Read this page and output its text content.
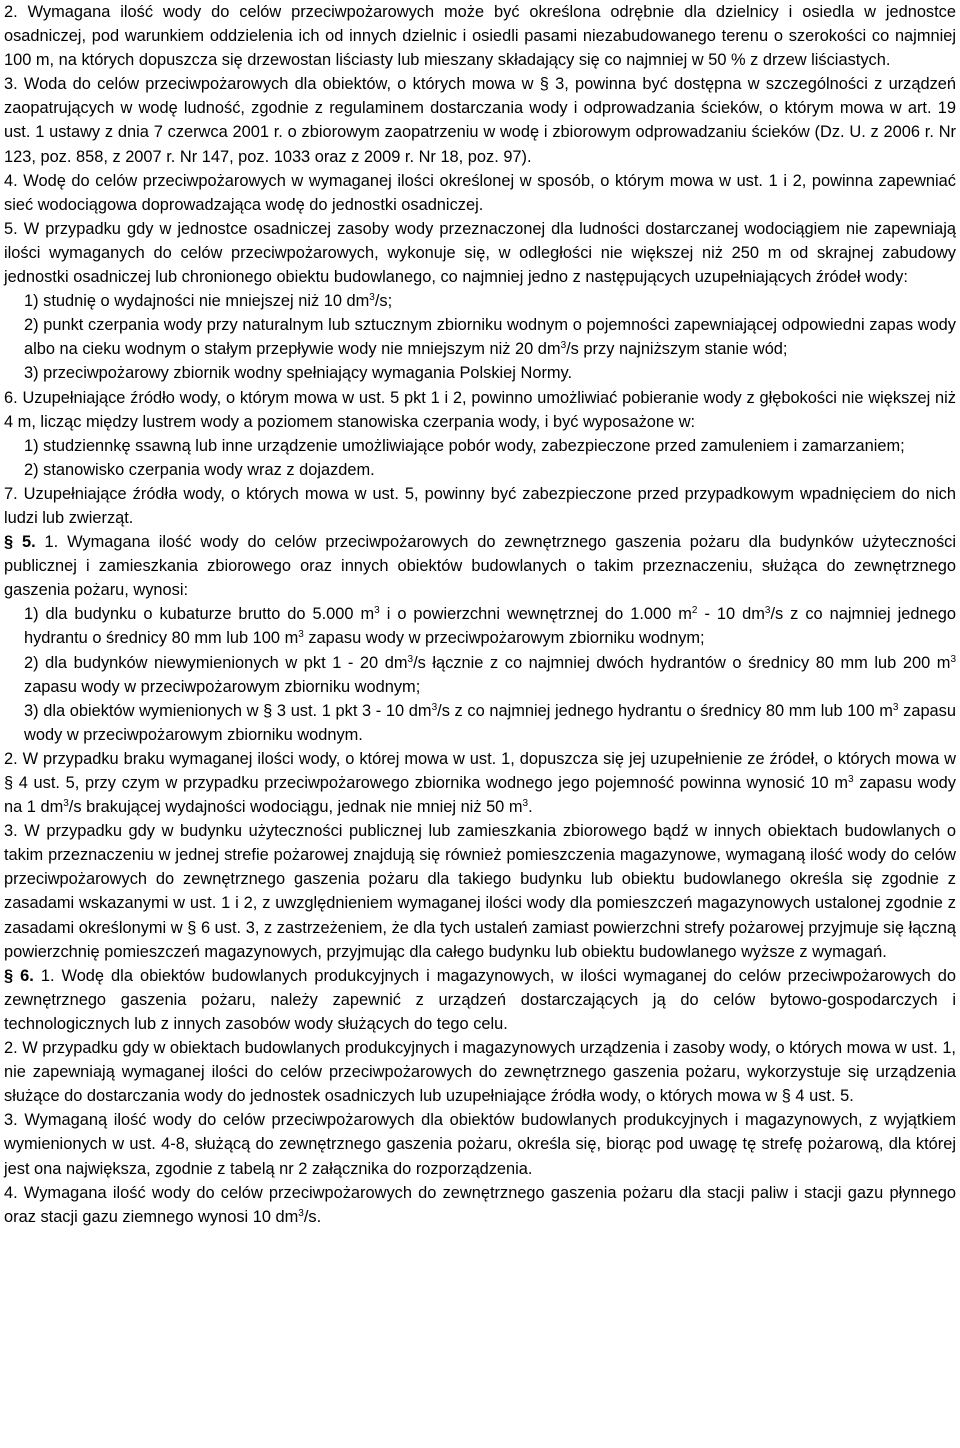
2. Wymagana ilość wody do celów przeciwpożarowych może być określona odrębnie dla dzielnicy i osiedla w jednostce osadniczej, pod warunkiem oddzielenia ich od innych dzielnic i osiedli pasami niezabudowanego terenu o szerokości co najmniej 100 m, na których dopuszcza się drzewostan liściasty lub mieszany składający się co najmniej w 50 % z drzew liściastych.

3. Woda do celów przeciwpożarowych dla obiektów, o których mowa w § 3, powinna być dostępna w szczególności z urządzeń zaopatrujących w wodę ludność, zgodnie z regulaminem dostarczania wody i odprowadzania ścieków, o którym mowa w art. 19 ust. 1 ustawy z dnia 7 czerwca 2001 r. o zbiorowym zaopatrzeniu w wodę i zbiorowym odprowadzaniu ścieków (Dz. U. z 2006 r. Nr 123, poz. 858, z 2007 r. Nr 147, poz. 1033 oraz z 2009 r. Nr 18, poz. 97).

4. Wodę do celów przeciwpożarowych w wymaganej ilości określonej w sposób, o którym mowa w ust. 1 i 2, powinna zapewniać sieć wodociągowa doprowadzająca wodę do jednostki osadniczej.

5. W przypadku gdy w jednostce osadniczej zasoby wody przeznaczonej dla ludności dostarczanej wodociągiem nie zapewniają ilości wymaganych do celów przeciwpożarowych, wykonuje się, w odległości nie większej niż 250 m od skrajnej zabudowy jednostki osadniczej lub chronionego obiektu budowlanego, co najmniej jedno z następujących uzupełniających źródeł wody:

1) studnię o wydajności nie mniejszej niż 10 $dm^3/s$;

2) punkt czerpania wody przy naturalnym lub sztucznym zbiorniku wodnym o pojemności zapewniającej odpowiedni zapas wody albo na cieku wodnym o stałym przepływie wody nie mniejszym niż 20 $dm^3/s$ przy najniższym stanie wód;

3) przeciwpożarowy zbiornik wodny spełniający wymagania Polskiej Normy.

6. Uzupełniające źródło wody, o którym mowa w ust. 5 pkt 1 i 2, powinno umożliwiać pobieranie wody z głębokości nie większej niż 4 m, licząc między lustrem wody a poziomem stanowiska czerpania wody, i być wyposażone w:

1) studziennkę ssawną lub inne urządzenie umożliwiające pobór wody, zabezpieczone przed zamuleniem i zamarzaniem;

2) stanowisko czerpania wody wraz z dojazdem.

7. Uzupełniające źródła wody, o których mowa w ust. 5, powinny być zabezpieczone przed przypadkowym wpadnięciem do nich ludzi lub zwierząt.

§ 5. 1. Wymagana ilość wody do celów przeciwpożarowych do zewnętrznego gaszenia pożaru dla budynków użyteczności publicznej i zamieszkania zbiorowego oraz innych obiektów budowlanych o takim przeznaczeniu, służąca do zewnętrznego gaszenia pożaru, wynosi:

1) dla budynku o kubaturze brutto do 5.000 $m^3$ i o powierzchni wewnętrznej do 1.000 $m^2 - 10$ $dm^3/s$ z co najmniej jednego hydrantu o średnicy 80 mm lub 100 $m^3$ zapasu wody w przeciwpożarowym zbiorniku wodnym;

2) dla budynków niewymienionych w pkt 1 - 20 $dm^3/s$ łącznie z co najmniej dwóch hydrantów o średnicy 80 mm lub 200 $m^3$ zapasu wody w przeciwpożarowym zbiorniku wodnym;

3) dla obiektów wymienionych w § 3 ust. 1 pkt 3 - 10 $dm^3/s$ z co najmniej jednego hydrantu o średnicy 80 mm lub 100 $m^3$ zapasu wody w przeciwpożarowym zbiorniku wodnym.

2. W przypadku braku wymaganej ilości wody, o której mowa w ust. 1, dopuszcza się jej uzupełnienie ze źródeł, o których mowa w § 4 ust. 5, przy czym w przypadku przeciwpożarowego zbiornika wodnego jego pojemność powinna wynosić 10 $m^3$ zapasu wody na 1 $dm^3/s$ brakującej wydajności wodociągu, jednak nie mniej niż 50 $m^3$.

3. W przypadku gdy w budynku użyteczności publicznej lub zamieszkania zbiorowego bądź w innych obiektach budowlanych o takim przeznaczeniu w jednej strefie pożarowej znajdują się również pomieszczenia magazynowe, wymaganą ilość wody do celów przeciwpożarowych do zewnętrznego gaszenia pożaru dla takiego budynku lub obiektu budowlanego określa się zgodnie z zasadami wskazanymi w ust. 1 i 2, z uwzględnieniem wymaganej ilości wody dla pomieszczeń magazynowych ustalonej zgodnie z zasadami określonymi w § 6 ust. 3, z zastrzeżeniem, że dla tych ustaleń zamiast powierzchni strefy pożarowej przyjmuje się łączną powierzchnię pomieszczeń magazynowych, przyjmując dla całego budynku lub obiektu budowlanego wyższe z wymagań.

§ 6. 1. Wodę dla obiektów budowlanych produkcyjnych i magazynowych, w ilości wymaganej do celów przeciwpożarowych do zewnętrznego gaszenia pożaru, należy zapewnić z urządzeń dostarczających ją do celów bytowo-gospodarczych i technologicznych lub z innych zasobów wody służących do tego celu.

2. W przypadku gdy w obiektach budowlanych produkcyjnych i magazynowych urządzenia i zasoby wody, o których mowa w ust. 1, nie zapewniają wymaganej ilości do celów przeciwpożarowych do zewnętrznego gaszenia pożaru, wykorzystuje się urządzenia służące do dostarczania wody do jednostek osadniczych lub uzupełniające źródła wody, o których mowa w § 4 ust. 5.

3. Wymaganą ilość wody do celów przeciwpożarowych dla obiektów budowlanych produkcyjnych i magazynowych, z wyjątkiem wymienionych w ust. 4-8, służącą do zewnętrznego gaszenia pożaru, określa się, biorąc pod uwagę tę strefę pożarową, dla której jest ona największa, zgodnie z tabelą nr 2 załącznika do rozporządzenia.

4. Wymagana ilość wody do celów przeciwpożarowych do zewnętrznego gaszenia pożaru dla stacji paliw i stacji gazu płynnego oraz stacji gazu ziemnego wynosi 10 $dm^3/s$.
